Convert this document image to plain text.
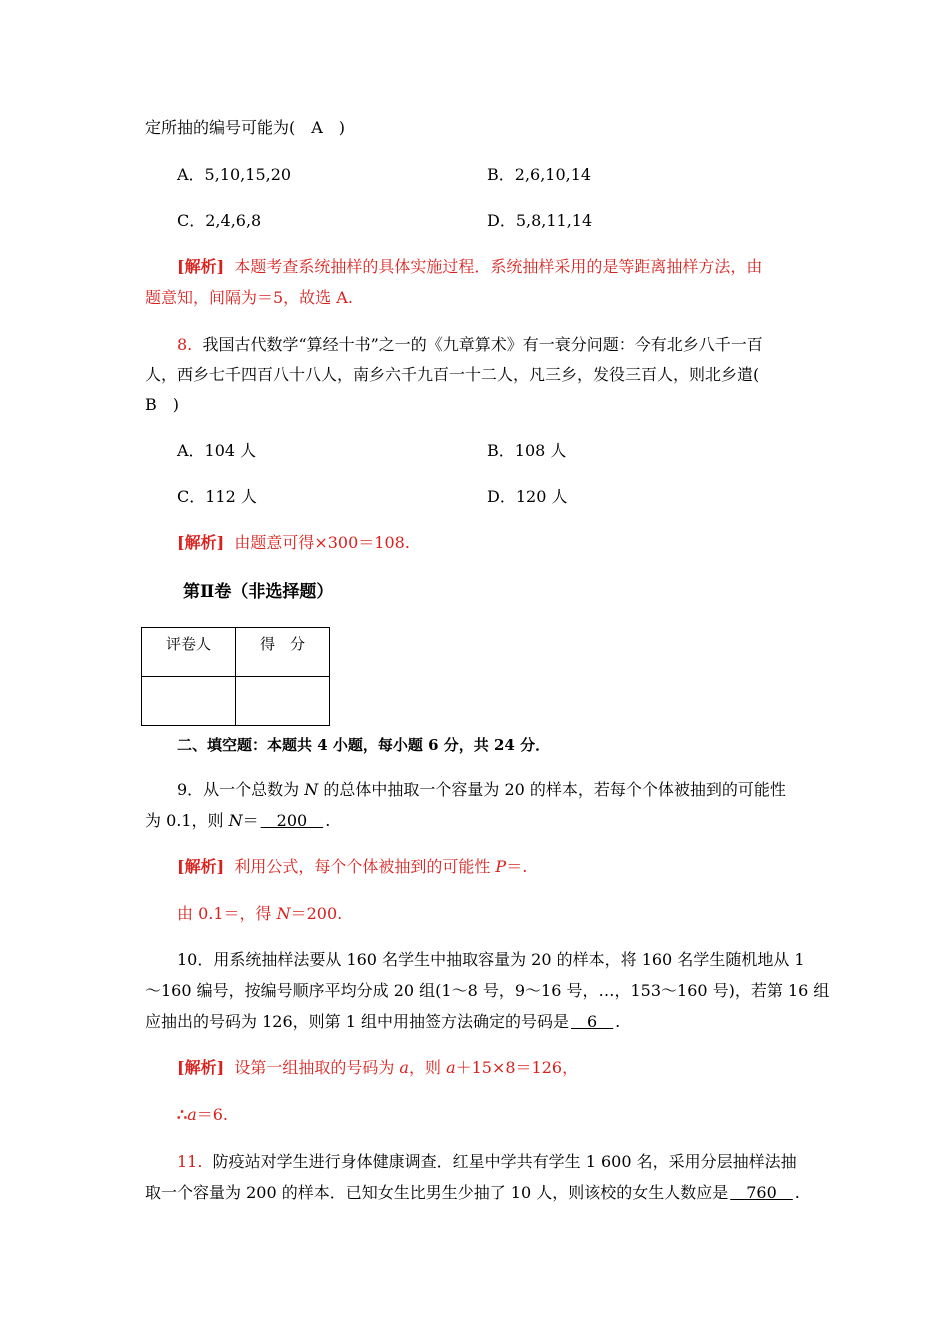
定所抽的编号可能为(　A　)
A．5,10,15,20	B．2,6,10,14
C．2,4,6,8	D．5,8,11,14
[解析] 本题考查系统抽样的具体实施过程．系统抽样采用的是等距离抽样方法，由
题意知，间隔为＝5，故选 A.
8. 我国古代数学“算经十书”之一的《九章算术》有一衰分问题：今有北乡八千一百
人，西乡七千四百八十八人，南乡六千九百一十二人，凡三乡，发役三百人，则北乡遣(
B　)
A．104 人	B．108 人
C．112 人	D．120 人
[解析] 由题意可得×300＝108.
第Ⅱ卷（非选择题）
评卷人	得　分

二、填空题：本题共 4 小题，每小题 6 分，共 24 分．
9．从一个总数为 N 的总体中抽取一个容量为 20 的样本，若每个个体被抽到的可能性
为 0.1，则 N＝　200　.
[解析] 利用公式，每个个体被抽到的可能性 P＝.
由 0.1＝，得 N＝200.
10．用系统抽样法要从 160 名学生中抽取容量为 20 的样本，将 160 名学生随机地从 1
～160 编号，按编号顺序平均分成 20 组(1～8 号，9～16 号，…，153～160 号)，若第 16 组
应抽出的号码为 126，则第 1 组中用抽签方法确定的号码是　6　.
[解析] 设第一组抽取的号码为 a，则 a＋15×8＝126，
∴a＝6.
11. 防疫站对学生进行身体健康调查．红星中学共有学生 1 600 名，采用分层抽样法抽
取一个容量为 200 的样本．已知女生比男生少抽了 10 人，则该校的女生人数应是　760　.
